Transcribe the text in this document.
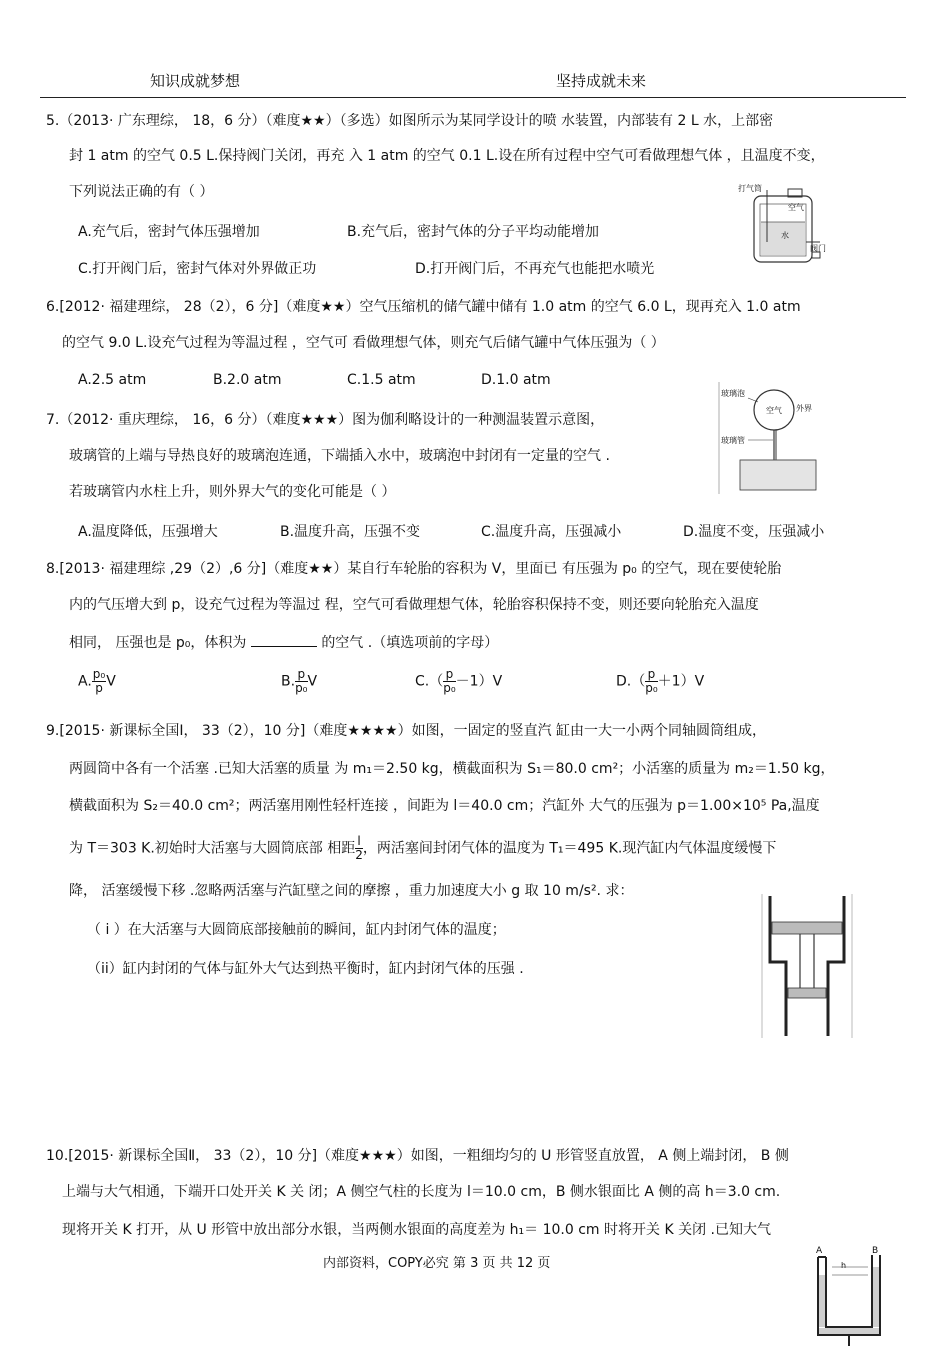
知识成就梦想	坚持成就未来
5.（2013· 广东理综， 18，6 分）（难度★★）（多选）如图所示为某同学设计的喷 水装置，内部装有 2 L 水，上部密
封 1 atm 的空气 0.5 L.保持阀门关闭，再充 入 1 atm 的空气 0.1 L.设在所有过程中空气可看做理想气体 ，且温度不变，
下列说法正确的有（ ）
A.充气后，密封气体压强增加	B.充气后，密封气体的分子平均动能增加
C.打开阀门后，密封气体对外界做正功	D.打开阀门后，不再充气也能把水喷光
打气筒
空气
水
阀门
6.[2012· 福建理综， 28（2），6 分]（难度★★）空气压缩机的储气罐中储有 1.0 atm 的空气 6.0 L，现再充入 1.0 atm
的空气 9.0 L.设充气过程为等温过程 ，空气可 看做理想气体，则充气后储气罐中气体压强为（ ）
A.2.5 atm	B.2.0 atm	C.1.5 atm	D.1.0 atm
玻璃泡
空气 外界
玻璃管
7.（2012· 重庆理综， 16，6 分）（难度★★★）图为伽利略设计的一种测温装置示意图，
玻璃管的上端与导热良好的玻璃泡连通，下端插入水中，玻璃泡中封闭有一定量的空气 .
若玻璃管内水柱上升，则外界大气的变化可能是（ ）
A.温度降低，压强增大	B.温度升高，压强不变	C.温度升高，压强减小	D.温度不变，压强减小
8.[2013· 福建理综 ,29（2）,6 分]（难度★★）某自行车轮胎的容积为 V，里面已 有压强为 p₀ 的空气，现在要使轮胎
内的气压增大到 p，设充气过程为等温过 程，空气可看做理想气体，轮胎容积保持不变，则还要向轮胎充入温度
相同， 压强也是 p₀，体积为	的空气 .（填选项前的字母）
A. $\frac{\text{p₀}}{p}$ V	B. $\frac{p}{\text{p₀}}$ V	$C.( \frac{p}{\text{p₀}} -1)V$	$D.( \frac{p}{\text{p₀}} +1)V$
9.[2015· 新课标全国Ⅰ， 33（2），10 分]（难度★★★★）如图，一固定的竖直汽 缸由一大一小两个同轴圆筒组成，
两圆筒中各有一个活塞 .已知大活塞的质量 为 m₁＝2.50 kg，横截面积为 S₁＝80.0 cm²；小活塞的质量为 m₂＝1.50 kg，
横截面积为 S₂＝40.0 cm²；两活塞用刚性轻杆连接 ，间距为 l＝40.0 cm；汽缸外 大气的压强为 p＝1.00×10⁵ Pa,温度
为 T＝303 K.初始时大活塞与大圆筒底部 相距 $\frac{l}{2}$ ，两活塞间封闭气体的温度为 T₁＝495 K.现汽缸内气体温度缓慢下
降， 活塞缓慢下移 .忽略两活塞与汽缸壁之间的摩擦 ，重力加速度大小 g 取 10 m/s². 求：
（ i ）在大活塞与大圆筒底部接触前的瞬间，缸内封闭气体的温度；
（ii）缸内封闭的气体与缸外大气达到热平衡时，缸内封闭气体的压强 .
10.[2015· 新课标全国Ⅱ， 33（2），10 分]（难度★★★）如图，一粗细均匀的 U 形管竖直放置， A 侧上端封闭， B 侧
上端与大气相通，下端开口处开关 K 关 闭；A 侧空气柱的长度为 l＝10.0 cm，B 侧水银面比 A 侧的高 h＝3.0 cm.
现将开关 K 打开，从 U 形管中放出部分水银，当两侧水银面的高度差为 h₁＝ 10.0 cm 时将开关 K 关闭 .已知大气
A	B
h
内部资料，COPY必究 第 3 页 共 12 页
